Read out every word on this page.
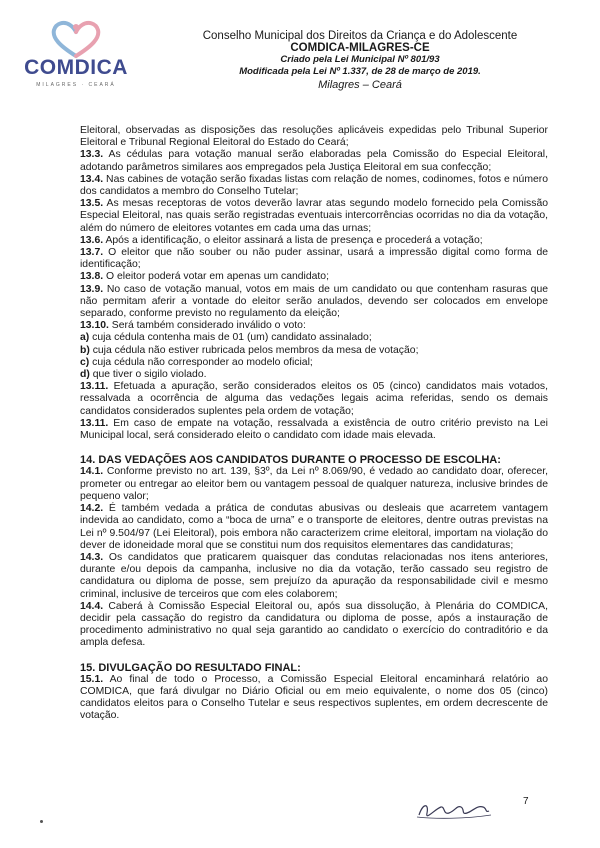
COMDICA
MILAGRES · CEARÁ
Conselho Municipal dos Direitos da Criança e do Adolescente
COMDICA-MILAGRES-CE
Criado pela Lei Municipal Nº 801/93
Modificada pela Lei Nº 1.337, de 28 de março de 2019.
Milagres – Ceará

Eleitoral, observadas as disposições das resoluções aplicáveis expedidas pelo Tribunal Superior Eleitoral e Tribunal Regional Eleitoral do Estado do Ceará;

13.3. As cédulas para votação manual serão elaboradas pela Comissão do Especial Eleitoral, adotando parâmetros similares aos empregados pela Justiça Eleitoral em sua confecção;

13.4. Nas cabines de votação serão fixadas listas com relação de nomes, codinomes, fotos e número dos candidatos a membro do Conselho Tutelar;

13.5. As mesas receptoras de votos deverão lavrar atas segundo modelo fornecido pela Comissão Especial Eleitoral, nas quais serão registradas eventuais intercorrências ocorridas no dia da votação, além do número de eleitores votantes em cada uma das urnas;

13.6. Após a identificação, o eleitor assinará a lista de presença e procederá a votação;

13.7. O eleitor que não souber ou não puder assinar, usará a impressão digital como forma de identificação;

13.8. O eleitor poderá votar em apenas um candidato;

13.9. No caso de votação manual, votos em mais de um candidato ou que contenham rasuras que não permitam aferir a vontade do eleitor serão anulados, devendo ser colocados em envelope separado, conforme previsto no regulamento da eleição;

13.10. Será também considerado inválido o voto:

a) cuja cédula contenha mais de 01 (um) candidato assinalado;

b) cuja cédula não estiver rubricada pelos membros da mesa de votação;

c) cuja cédula não corresponder ao modelo oficial;

d) que tiver o sigilo violado.

13.11. Efetuada a apuração, serão considerados eleitos os 05 (cinco) candidatos mais votados, ressalvada a ocorrência de alguma das vedações legais acima referidas, sendo os demais candidatos considerados suplentes pela ordem de votação;

13.11. Em caso de empate na votação, ressalvada a existência de outro critério previsto na Lei Municipal local, será considerado eleito o candidato com idade mais elevada.

14. DAS VEDAÇÕES AOS CANDIDATOS DURANTE O PROCESSO DE ESCOLHA:

14.1. Conforme previsto no art. 139, §3º, da Lei nº 8.069/90, é vedado ao candidato doar, oferecer, prometer ou entregar ao eleitor bem ou vantagem pessoal de qualquer natureza, inclusive brindes de pequeno valor;

14.2. É também vedada a prática de condutas abusivas ou desleais que acarretem vantagem indevida ao candidato, como a “boca de urna” e o transporte de eleitores, dentre outras previstas na Lei nº 9.504/97 (Lei Eleitoral), pois embora não caracterizem crime eleitoral, importam na violação do dever de idoneidade moral que se constitui num dos requisitos elementares das candidaturas;

14.3. Os candidatos que praticarem quaisquer das condutas relacionadas nos itens anteriores, durante e/ou depois da campanha, inclusive no dia da votação, terão cassado seu registro de candidatura ou diploma de posse, sem prejuízo da apuração da responsabilidade civil e mesmo criminal, inclusive de terceiros que com eles colaborem;

14.4. Caberá à Comissão Especial Eleitoral ou, após sua dissolução, à Plenária do COMDICA, decidir pela cassação do registro da candidatura ou diploma de posse, após a instauração de procedimento administrativo no qual seja garantido ao candidato o exercício do contraditório e da ampla defesa.

15. DIVULGAÇÃO DO RESULTADO FINAL:

15.1. Ao final de todo o Processo, a Comissão Especial Eleitoral encaminhará relatório ao COMDICA, que fará divulgar no Diário Oficial ou em meio equivalente, o nome dos 05 (cinco) candidatos eleitos para o Conselho Tutelar e seus respectivos suplentes, em ordem decrescente de votação.

7
